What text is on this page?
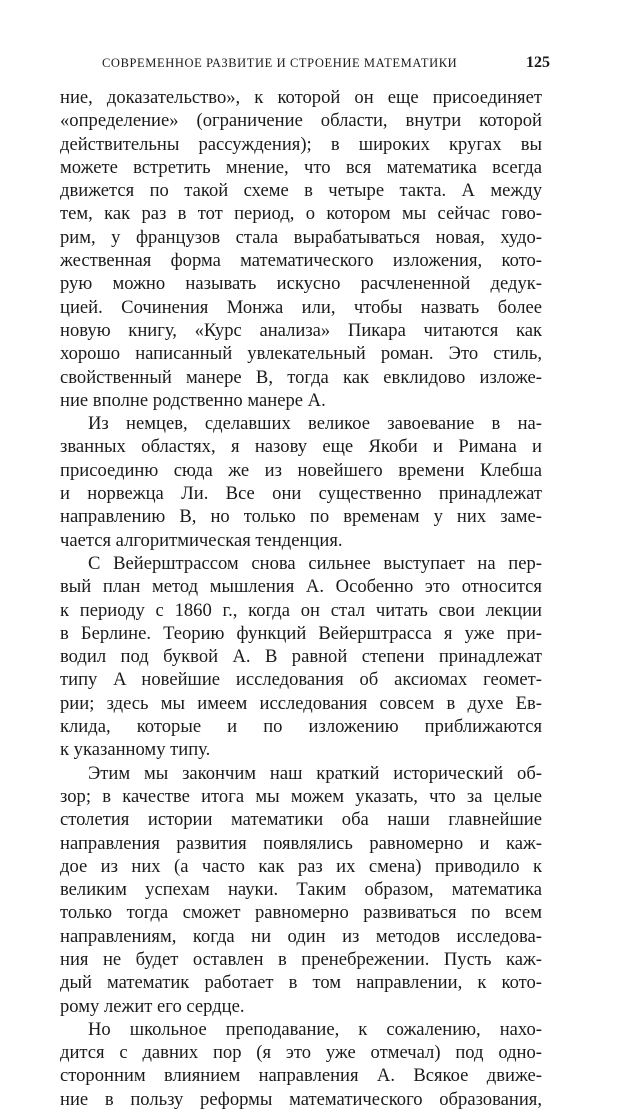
СОВРЕМЕННОЕ РАЗВИТИЕ И СТРОЕНИЕ МАТЕМАТИКИ	125
ние, доказательство», к которой он еще присоединяет
«определение» (ограничение области, внутри которой
действительны рассуждения); в широких кругах вы
можете встретить мнение, что вся математика всегда
движется по такой схеме в четыре такта. А между
тем, как раз в тот период, о котором мы сейчас гово-
рим, у французов стала вырабатываться новая, худо-
жественная форма математического изложения, кото-
рую можно называть искусно расчлененной дедук-
цией. Сочинения Монжа или, чтобы назвать более
новую книгу, «Курс анализа» Пикара читаются как
хорошо написанный увлекательный роман. Это стиль,
свойственный манере B, тогда как евклидово изложе-
ние вполне родственно манере A.
Из немцев, сделавших великое завоевание в на-
званных областях, я назову еще Якоби и Римана и
присоединю сюда же из новейшего времени Клебша
и норвежца Ли. Все они существенно принадлежат
направлению B, но только по временам у них заме-
чается алгоритмическая тенденция.
С Вейерштрассом снова сильнее выступает на пер-
вый план метод мышления A. Особенно это относится
к периоду с 1860 г., когда он стал читать свои лекции
в Берлине. Теорию функций Вейерштрасса я уже при-
водил под буквой A. В равной степени принадлежат
типу A новейшие исследования об аксиомах геомет-
рии; здесь мы имеем исследования совсем в духе Ев-
клида, которые и по изложению приближаются
к указанному типу.
Этим мы закончим наш краткий исторический об-
зор; в качестве итога мы можем указать, что за целые
столетия истории математики оба наши главнейшие
направления развития появлялись равномерно и каж-
дое из них (а часто как раз их смена) приводило к
великим успехам науки. Таким образом, математика
только тогда сможет равномерно развиваться по всем
направлениям, когда ни один из методов исследова-
ния не будет оставлен в пренебрежении. Пусть каж-
дый математик работает в том направлении, к кото-
рому лежит его сердце.
Но школьное преподавание, к сожалению, нахо-
дится с давних пор (я это уже отмечал) под одно-
сторонним влиянием направления A. Всякое движе-
ние в пользу реформы математического образования,
